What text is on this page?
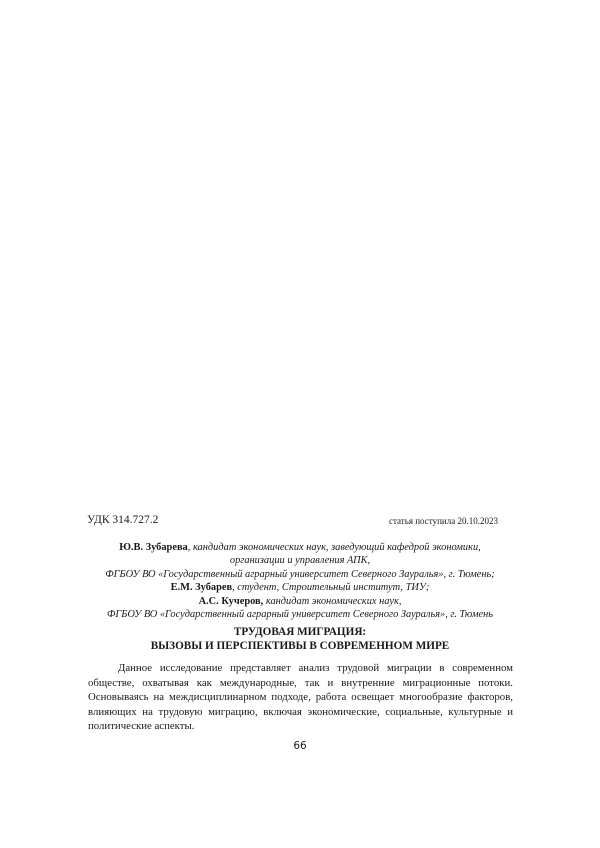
УДК 314.727.2	статья поступила 20.10.2023

Ю.В. Зубарева, кандидат экономических наук, заведующий кафедрой экономики,

организации и управления АПК,

ФГБОУ ВО «Государственный аграрный университет Северного Зауралья», г. Тюмень;

Е.М. Зубарев, студент, Строительный институт, ТИУ;

А.С. Кучеров, кандидат экономических наук,

ФГБОУ ВО «Государственный аграрный университет Северного Зауралья», г. Тюмень

ТРУДОВАЯ МИГРАЦИЯ:

ВЫЗОВЫ И ПЕРСПЕКТИВЫ В СОВРЕМЕННОМ МИРЕ

Данное исследование представляет анализ трудовой миграции в современном обществе, охватывая как международные, так и внутренние миграционные потоки. Основываясь на междисциплинарном подходе, работа освещает многообразие факторов, влияющих на трудовую миграцию, включая экономические, социальные, культурные и политические аспекты.

66
